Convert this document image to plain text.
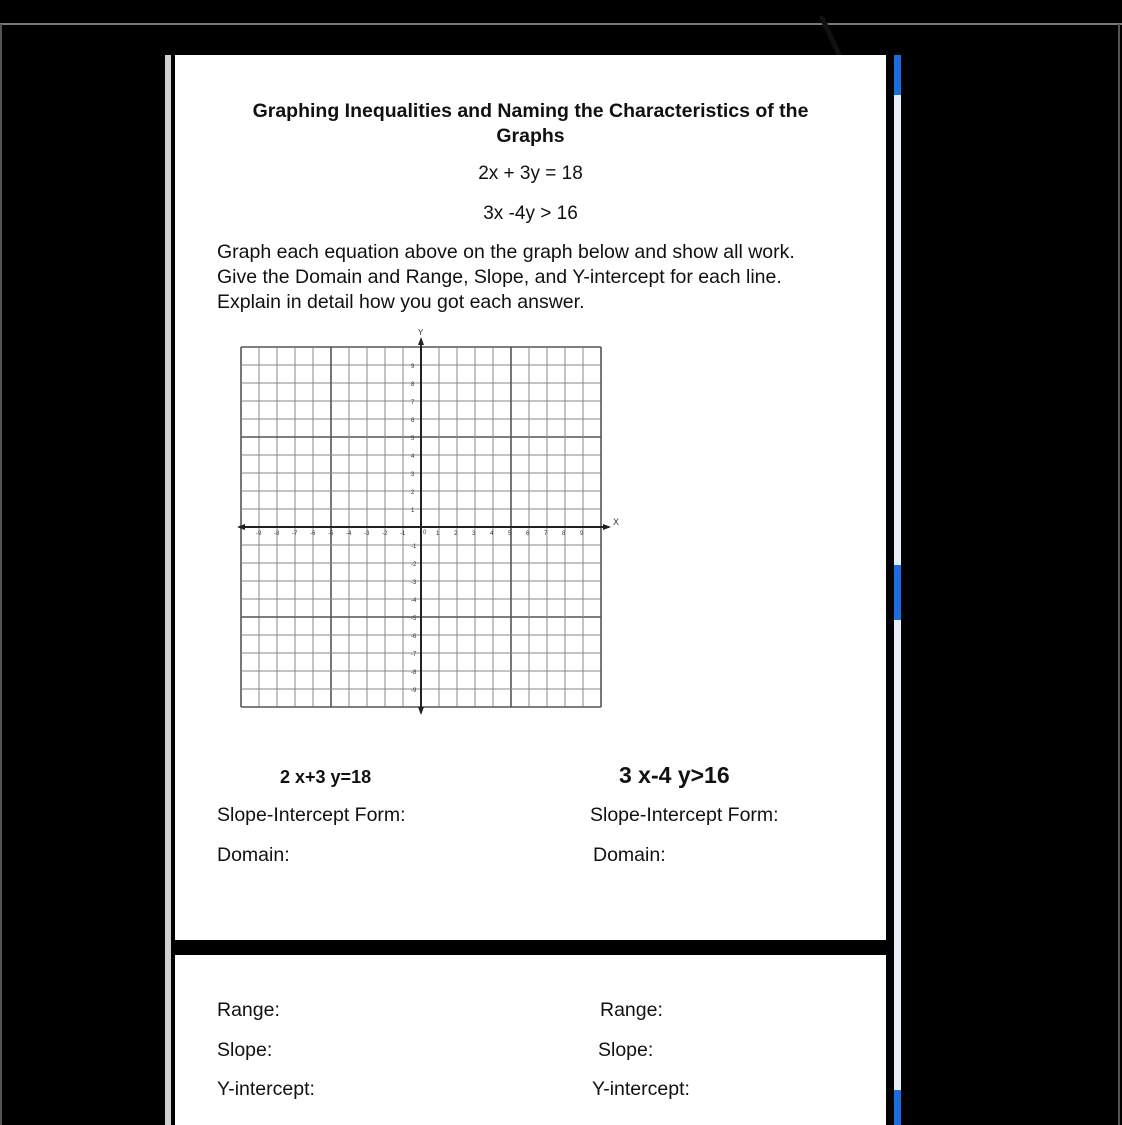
Graphing Inequalities and Naming the Characteristics of the
Graphs
2x + 3y = 18
3x -4y > 16
Graph each equation above on the graph below and show all work.
Give the Domain and Range, Slope, and Y-intercept for each line.
Explain in detail how you got each answer.
X
Y
-9
-9
-8
-8
-7
-7
-6
-6
-5
-5
-4
-4
-3
-3
-2
-2
-1
-1
1
1
2
2
3
3
4
4
5
5
6
6
7
7
8
8
9
9
0
2 x+3 y=18	3 x-4 y>16
Slope-Intercept Form:	Slope-Intercept Form:
Domain:	Domain:
Range:	Range:
Slope:	Slope:
Y-intercept:	Y-intercept:
